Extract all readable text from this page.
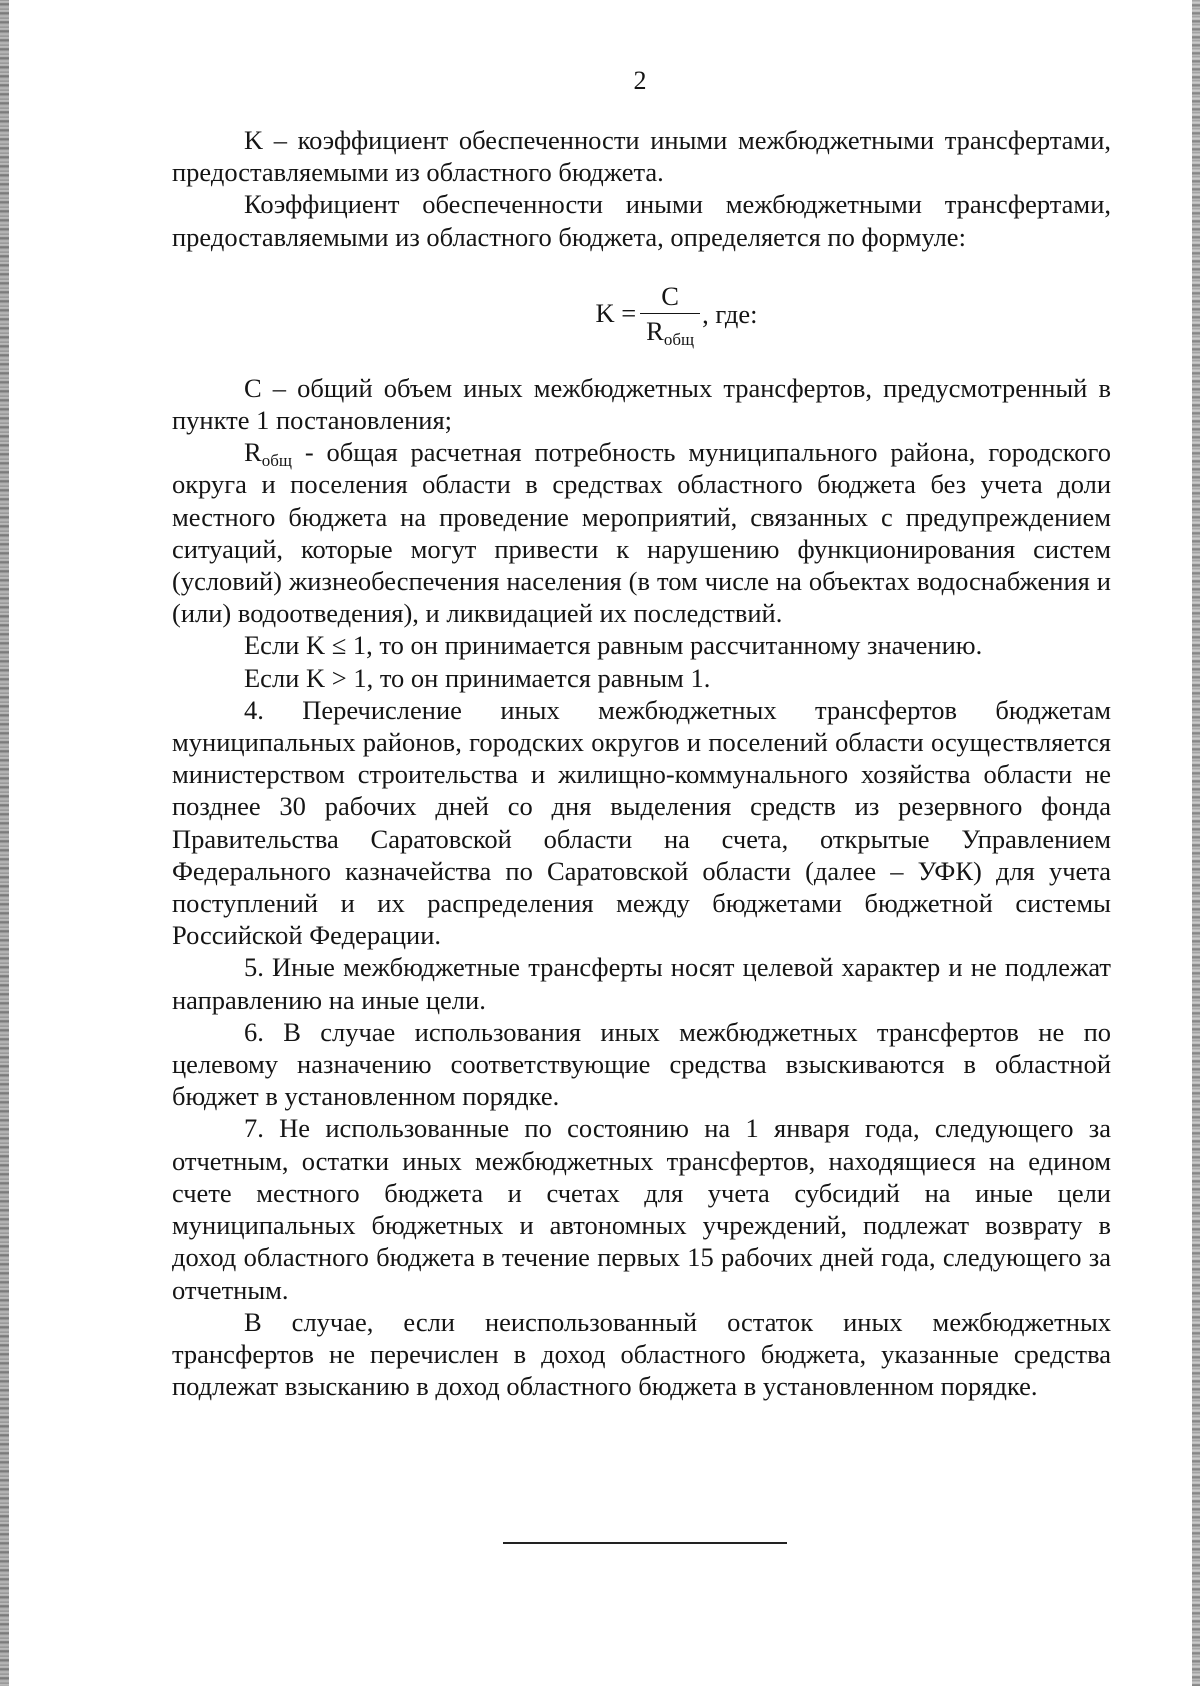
2

K – коэффициент обеспеченности иными межбюджетными трансфертами, предоставляемыми из областного бюджета.

Коэффициент обеспеченности иными межбюджетными трансфертами, предоставляемыми из областного бюджета, определяется по формуле:

$K = \frac{C}{R_{общ}}$ , где:

C – общий объем иных межбюджетных трансфертов, предусмотренный в пункте 1 постановления;

$R_{общ}$ - общая расчетная потребность муниципального района, городского округа и поселения области в средствах областного бюджета без учета доли местного бюджета на проведение мероприятий, связанных с предупреждением ситуаций, которые могут привести к нарушению функционирования систем (условий) жизнеобеспечения населения (в том числе на объектах водоснабжения и (или) водоотведения), и ликвидацией их последствий.

Если K ≤ 1, то он принимается равным рассчитанному значению.

Если K > 1, то он принимается равным 1.

4. Перечисление иных межбюджетных трансфертов бюджетам муниципальных районов, городских округов и поселений области осуществляется министерством строительства и жилищно-коммунального хозяйства области не позднее 30 рабочих дней со дня выделения средств из резервного фонда Правительства Саратовской области на счета, открытые Управлением Федерального казначейства по Саратовской области (далее – УФК) для учета поступлений и их распределения между бюджетами бюджетной системы Российской Федерации.

5. Иные межбюджетные трансферты носят целевой характер и не подлежат направлению на иные цели.

6. В случае использования иных межбюджетных трансфертов не по целевому назначению соответствующие средства взыскиваются в областной бюджет в установленном порядке.

7. Не использованные по состоянию на 1 января года, следующего за отчетным, остатки иных межбюджетных трансфертов, находящиеся на едином счете местного бюджета и счетах для учета субсидий на иные цели муниципальных бюджетных и автономных учреждений, подлежат возврату в доход областного бюджета в течение первых 15 рабочих дней года, следующего за отчетным.

В случае, если неиспользованный остаток иных межбюджетных трансфертов не перечислен в доход областного бюджета, указанные средства подлежат взысканию в доход областного бюджета в установленном порядке.
